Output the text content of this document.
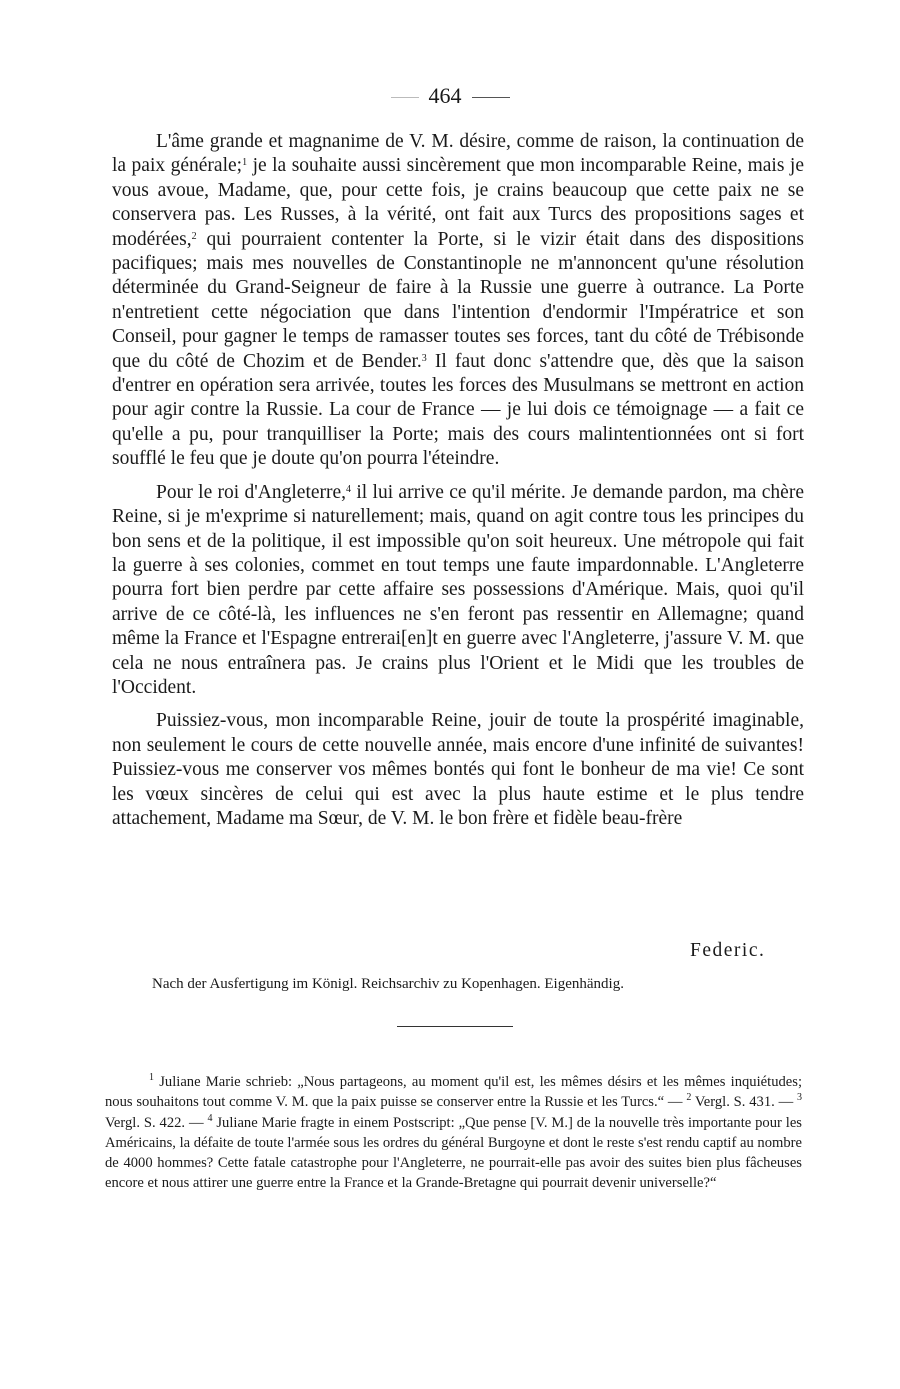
464

L'âme grande et magnanime de V. M. désire, comme de raison, la continuation de la paix générale;$^1$ je la souhaite aussi sincèrement que mon incomparable Reine, mais je vous avoue, Madame, que, pour cette fois, je crains beaucoup que cette paix ne se conservera pas. Les Russes, à la vérité, ont fait aux Turcs des propositions sages et modérées,$^2$ qui pourraient contenter la Porte, si le vizir était dans des dispositions pacifiques; mais mes nouvelles de Constantinople ne m'annoncent qu'une résolution déterminée du Grand-Seigneur de faire à la Russie une guerre à outrance. La Porte n'entretient cette négociation que dans l'intention d'endormir l'Impératrice et son Conseil, pour gagner le temps de ramasser toutes ses forces, tant du côté de Trébisonde que du côté de Chozim et de Bender.$^3$ Il faut donc s'attendre que, dès que la saison d'entrer en opération sera arrivée, toutes les forces des Musulmans se mettront en action pour agir contre la Russie. La cour de France — je lui dois ce témoignage — a fait ce qu'elle a pu, pour tranquilliser la Porte; mais des cours malintentionnées ont si fort soufflé le feu que je doute qu'on pourra l'éteindre.

Pour le roi d'Angleterre,$^4$ il lui arrive ce qu'il mérite. Je demande pardon, ma chère Reine, si je m'exprime si naturellement; mais, quand on agit contre tous les principes du bon sens et de la politique, il est impossible qu'on soit heureux. Une métropole qui fait la guerre à ses colonies, commet en tout temps une faute impardonnable. L'Angleterre pourra fort bien perdre par cette affaire ses possessions d'Amérique. Mais, quoi qu'il arrive de ce côté-là, les influences ne s'en feront pas ressentir en Allemagne; quand même la France et l'Espagne entrerai[en]t en guerre avec l'Angleterre, j'assure V. M. que cela ne nous entraînera pas. Je crains plus l'Orient et le Midi que les troubles de l'Occident.

Puissiez-vous, mon incomparable Reine, jouir de toute la prospérité imaginable, non seulement le cours de cette nouvelle année, mais encore d'une infinité de suivantes! Puissiez-vous me conserver vos mêmes bontés qui font le bonheur de ma vie! Ce sont les vœux sincères de celui qui est avec la plus haute estime et le plus tendre attachement, Madame ma Sœur, de V. M. le bon frère et fidèle beau-frère

Federic.
Nach der Ausfertigung im Königl. Reichsarchiv zu Kopenhagen. Eigenhändig.

$^1$ Juliane Marie schrieb: „Nous partageons, au moment qu'il est, les mêmes désirs et les mêmes inquiétudes; nous souhaitons tout comme V. M. que la paix puisse se conserver entre la Russie et les Turcs.“ — $^2$ Vergl. S. 431. — $^3$ Vergl. S. 422. — $^4$ Juliane Marie fragte in einem Postscript: „Que pense [V. M.] de la nouvelle très importante pour les Américains, la défaite de toute l'armée sous les ordres du général Burgoyne et dont le reste s'est rendu captif au nombre de 4000 hommes? Cette fatale catastrophe pour l'Angleterre, ne pourrait-elle pas avoir des suites bien plus fâcheuses encore et nous attirer une guerre entre la France et la Grande-Bretagne qui pourrait devenir universelle?“
